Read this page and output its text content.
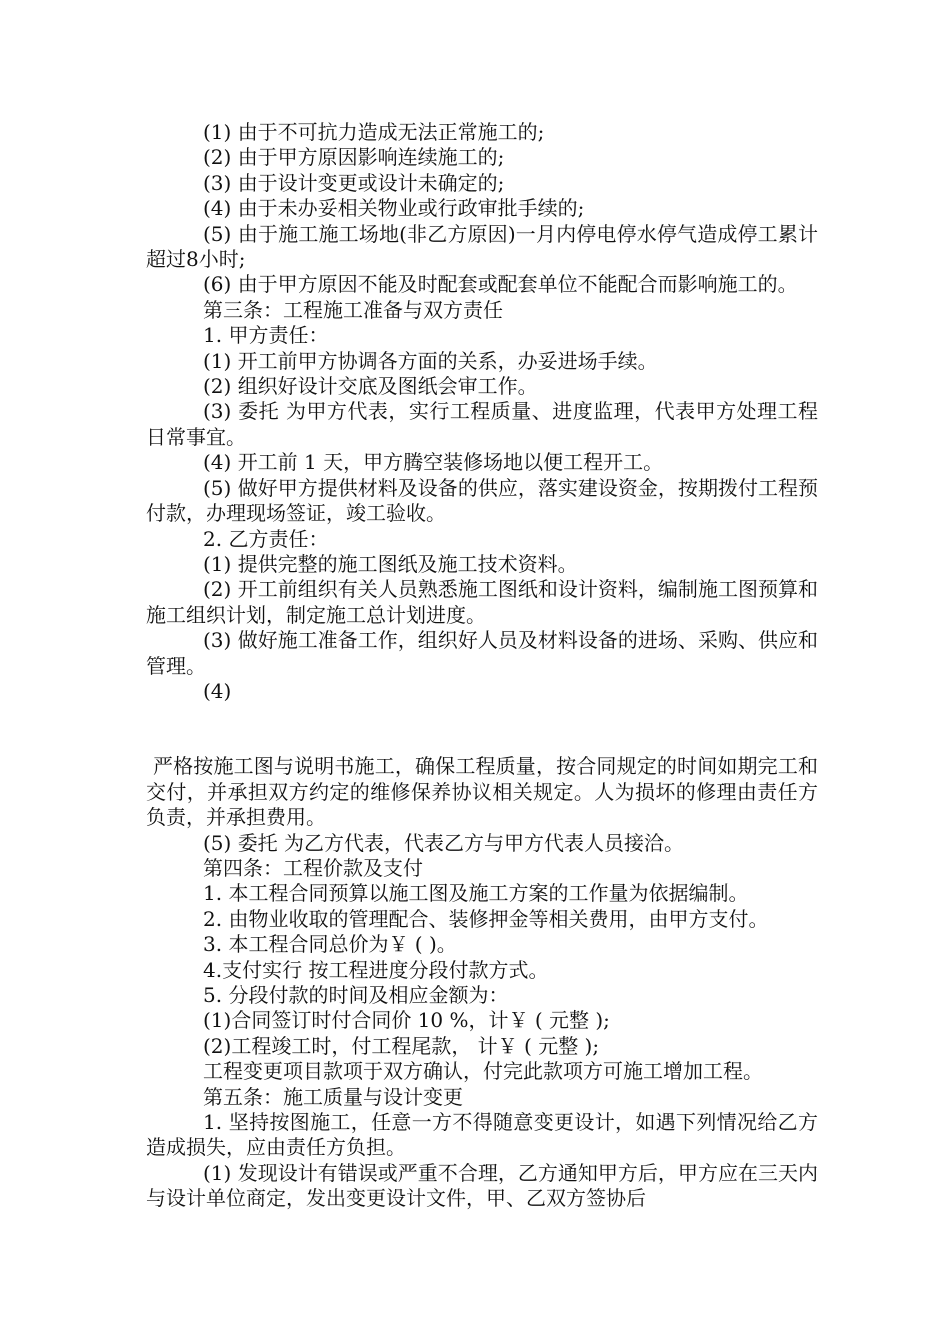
(1) 由于不可抗力造成无法正常施工的;

(2) 由于甲方原因影响连续施工的;

(3) 由于设计变更或设计未确定的;

(4) 由于未办妥相关物业或行政审批手续的;

(5) 由于施工施工场地(非乙方原因)一月内停电停水停气造成停工累计超过8小时;

(6) 由于甲方原因不能及时配套或配套单位不能配合而影响施工的。

第三条：工程施工准备与双方责任

1. 甲方责任：

(1) 开工前甲方协调各方面的关系，办妥进场手续。

(2) 组织好设计交底及图纸会审工作。

(3) 委托 为甲方代表，实行工程质量、进度监理，代表甲方处理工程日常事宜。

(4) 开工前 1 天，甲方腾空装修场地以便工程开工。

(5) 做好甲方提供材料及设备的供应，落实建设资金，按期拨付工程预付款，办理现场签证，竣工验收。

2. 乙方责任：

(1) 提供完整的施工图纸及施工技术资料。

(2) 开工前组织有关人员熟悉施工图纸和设计资料，编制施工图预算和施工组织计划，制定施工总计划进度。

(3) 做好施工准备工作，组织好人员及材料设备的进场、采购、供应和管理。

(4)

严格按施工图与说明书施工，确保工程质量，按合同规定的时间如期完工和交付，并承担双方约定的维修保养协议相关规定。人为损坏的修理由责任方负责，并承担费用。

(5) 委托 为乙方代表，代表乙方与甲方代表人员接洽。

第四条：工程价款及支付

1. 本工程合同预算以施工图及施工方案的工作量为依据编制。

2. 由物业收取的管理配合、装修押金等相关费用，由甲方支付。

3. 本工程合同总价为￥ ( )。

4.支付实行 按工程进度分段付款方式。

5. 分段付款的时间及相应金额为：

(1)合同签订时付合同价 10 %，计￥ ( 元整 );

(2)工程竣工时，付工程尾款， 计￥ ( 元整 );

工程变更项目款项于双方确认，付完此款项方可施工增加工程。

第五条：施工质量与设计变更

1. 坚持按图施工，任意一方不得随意变更设计，如遇下列情况给乙方造成损失，应由责任方负担。

(1) 发现设计有错误或严重不合理，乙方通知甲方后，甲方应在三天内与设计单位商定，发出变更设计文件，甲、乙双方签协后
